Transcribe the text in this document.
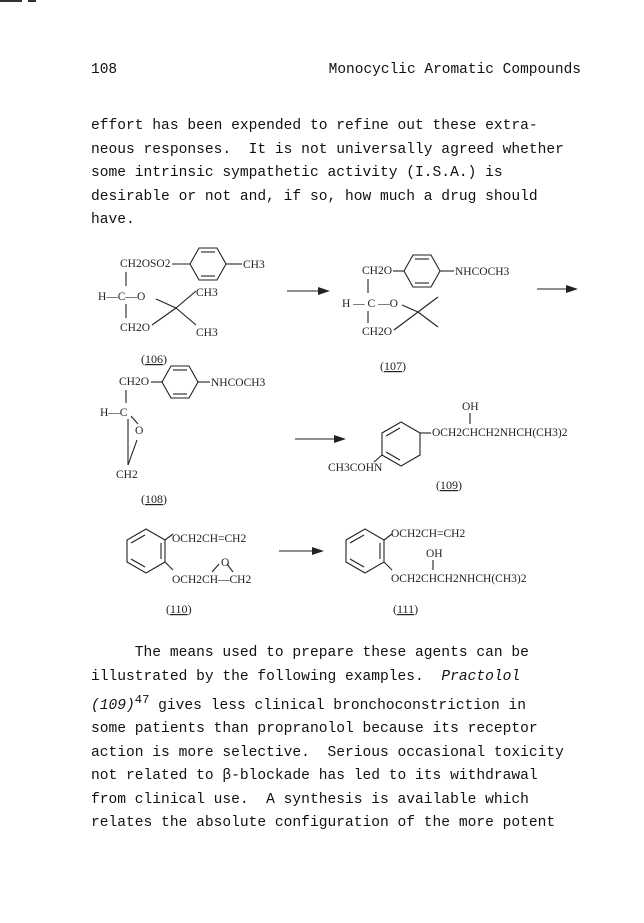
108	Monocyclic Aromatic Compounds
effort has been expended to refine out these extra-
neous responses.  It is not universally agreed whether
some intrinsic sympathetic activity (I.S.A.) is
desirable or not and, if so, how much a drug should
have.
CH2OSO2	CH3
H—C—O
CH2O
CH3
CH3
(106)
CH2O	NHCOCH3
H — C —O
CH2O
(107)
CH2O	NHCOCH3
H—C
O
CH2
(108)
OH
OCH2CHCH2NHCH(CH3)2
CH3COHN
(109)
OCH2CH=CH2
O
OCH2CH—CH2
(110)
OCH2CH=CH2
OH
OCH2CHCH2NHCH(CH3)2
(111)
The means used to prepare these agents can be
illustrated by the following examples.  Practolol
$(109)^{47}$ gives less clinical bronchoconstriction in
some patients than propranolol because its receptor
action is more selective.  Serious occasional toxicity
not related to β-blockade has led to its withdrawal
from clinical use.  A synthesis is available which
relates the absolute configuration of the more potent
